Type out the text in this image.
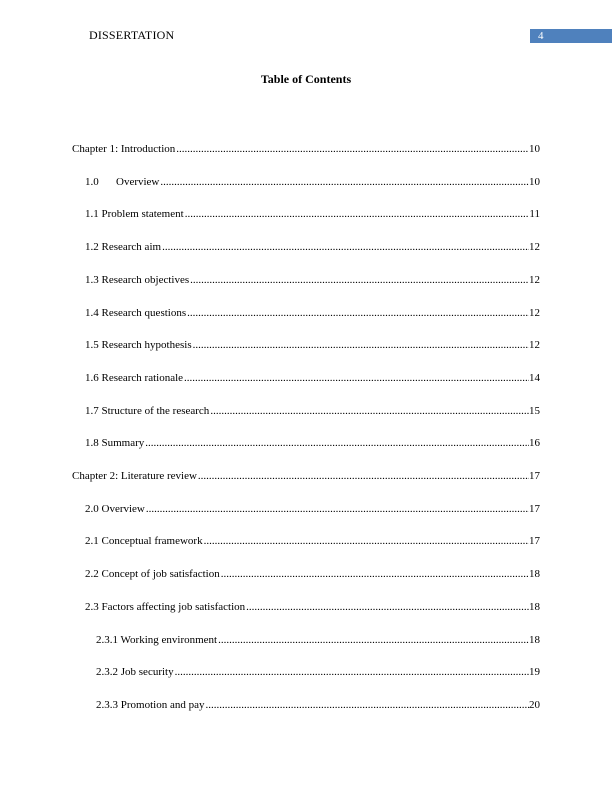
DISSERTATION	4
Table of Contents
Chapter 1: Introduction .....	10
1.0	Overview .....	10
1.1 Problem statement .....	11
1.2 Research aim .....	12
1.3 Research objectives .....	12
1.4 Research questions .....	12
1.5 Research hypothesis .....	12
1.6 Research rationale .....	14
1.7 Structure of the research .....	15
1.8 Summary .....	16
Chapter 2: Literature review .....	17
2.0 Overview .....	17
2.1 Conceptual framework .....	17
2.2 Concept of job satisfaction .....	18
2.3 Factors affecting job satisfaction .....	18
2.3.1 Working environment .....	18
2.3.2 Job security .....	19
2.3.3 Promotion and pay .....	20
